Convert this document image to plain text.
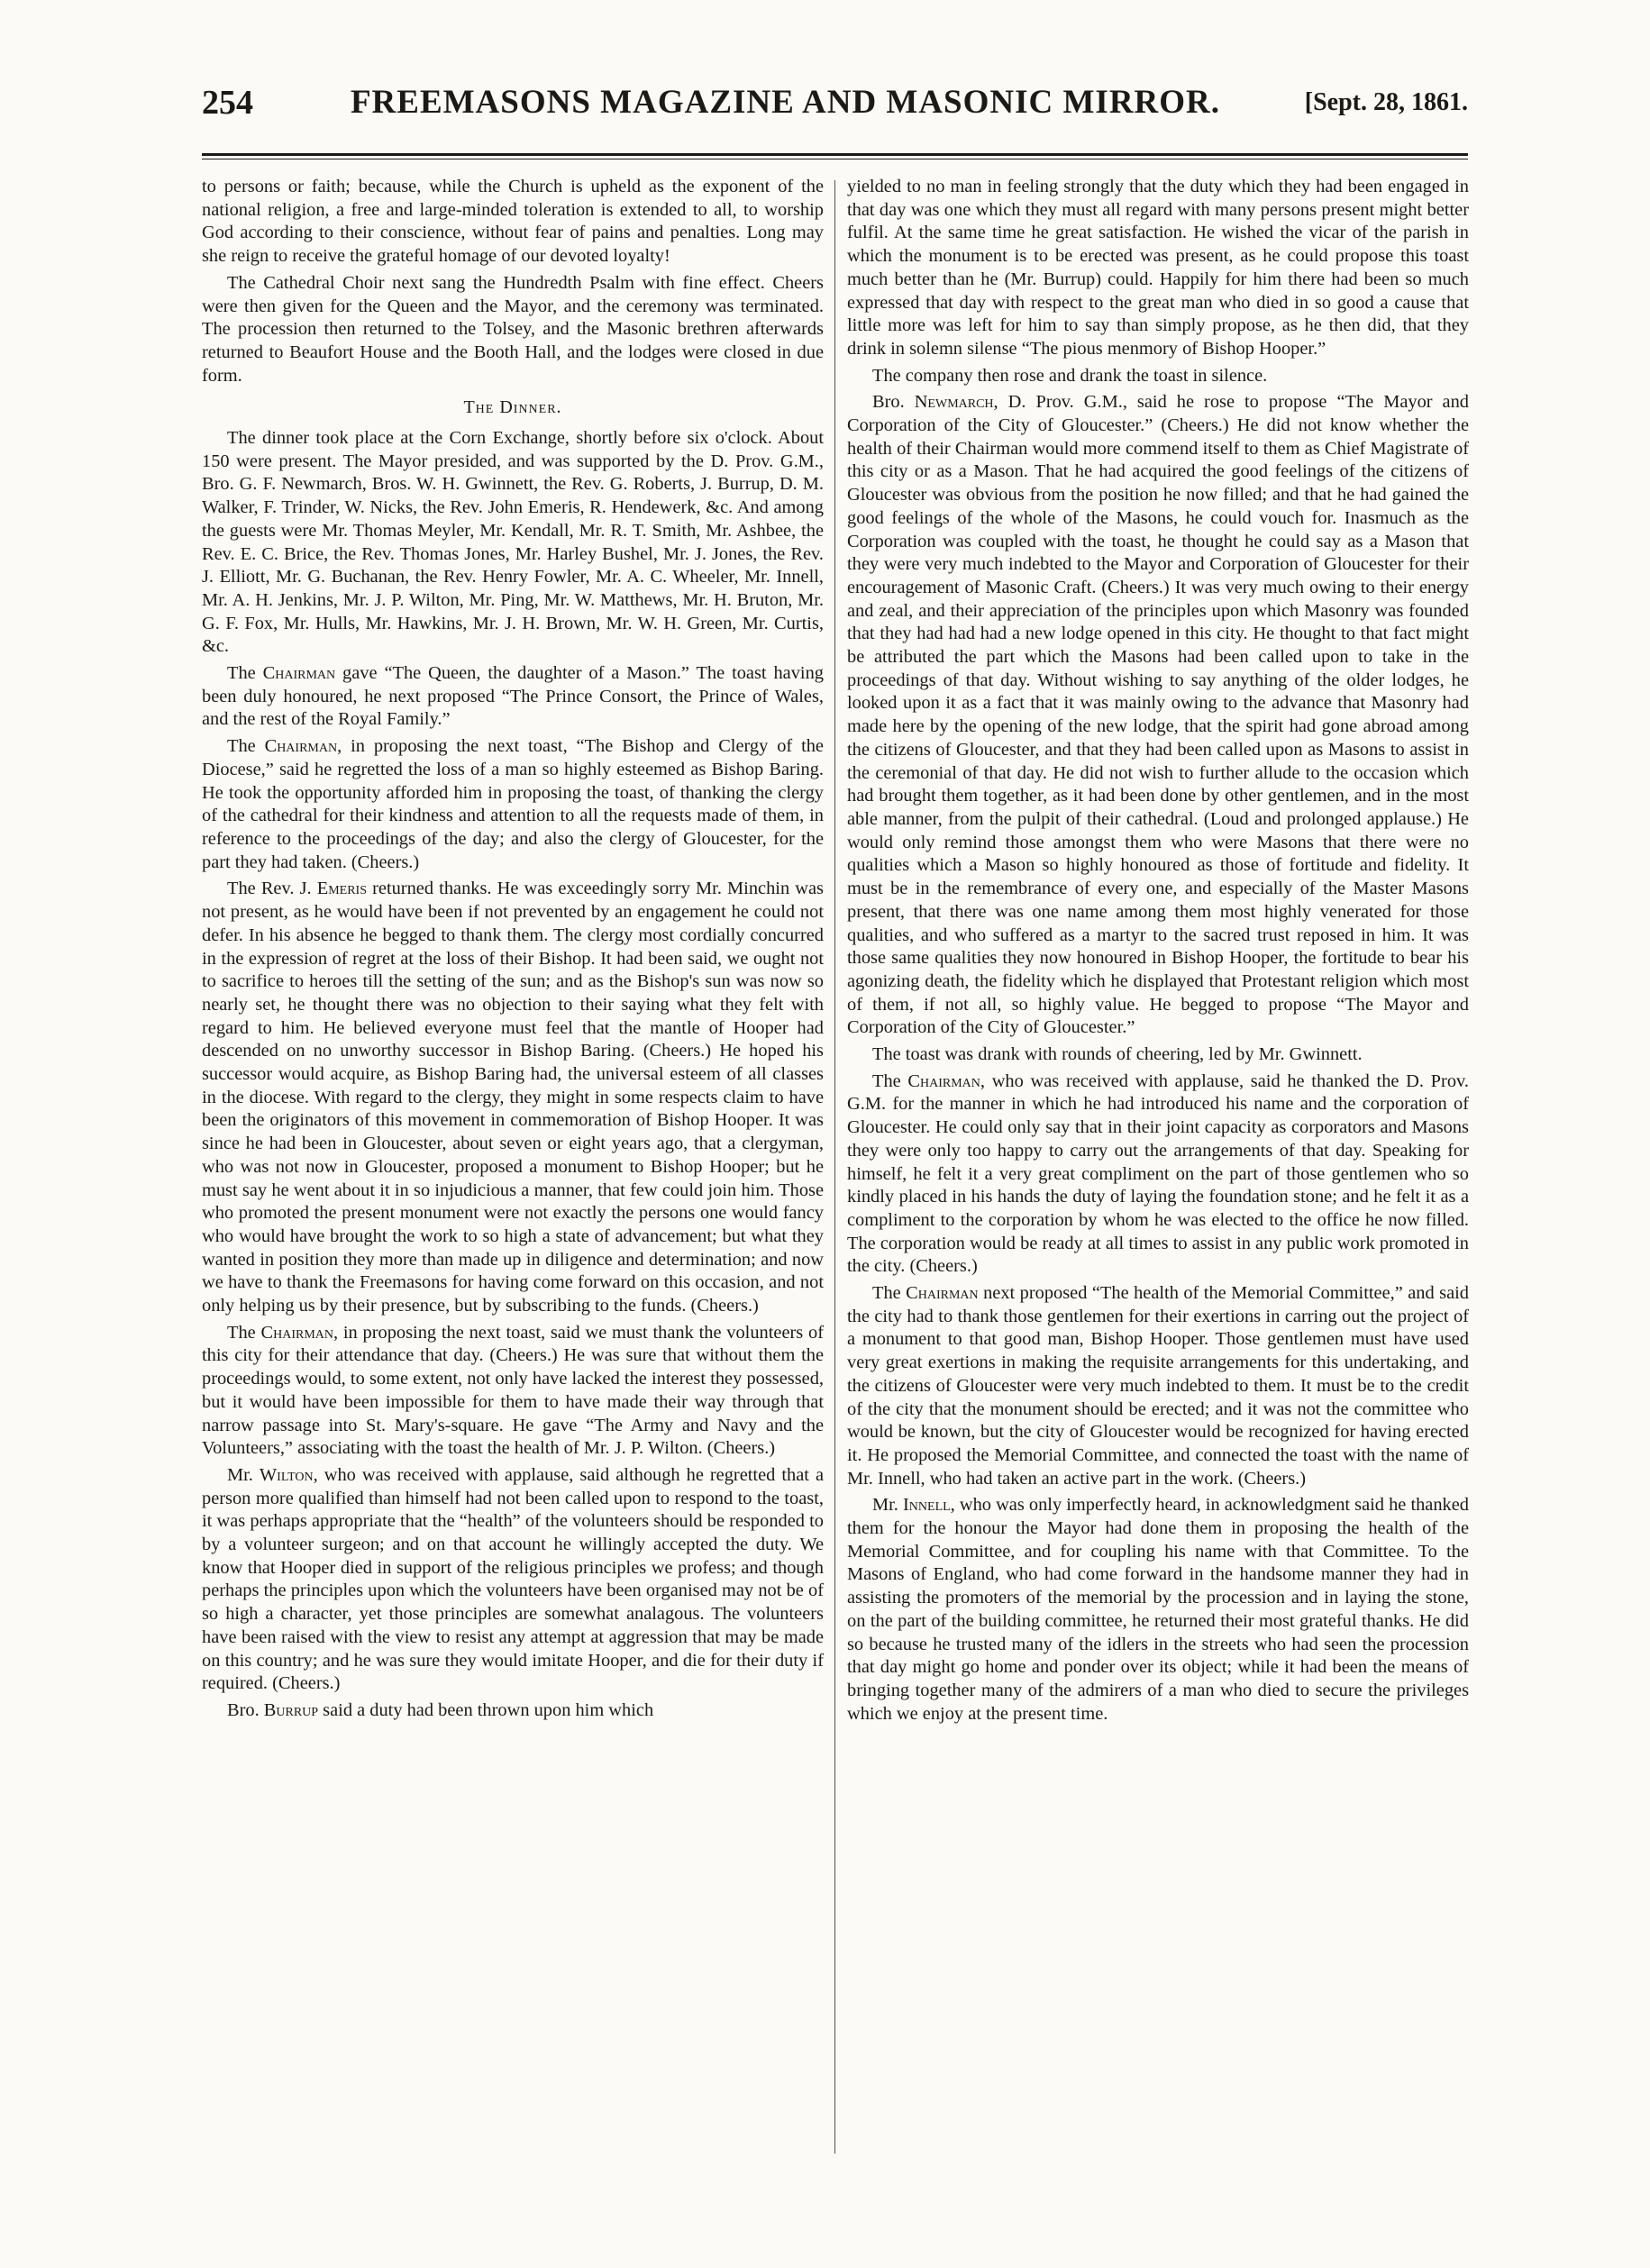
254	FREEMASONS MAGAZINE AND MASONIC MIRROR.	[Sept. 28, 1861.

to persons or faith; because, while the Church is upheld as the exponent of the national religion, a free and large-minded toleration is extended to all, to worship God according to their conscience, without fear of pains and penalties. Long may she reign to receive the grateful homage of our devoted loyalty!

The Cathedral Choir next sang the Hundredth Psalm with fine effect. Cheers were then given for the Queen and the Mayor, and the ceremony was terminated. The procession then returned to the Tolsey, and the Masonic brethren afterwards returned to Beaufort House and the Booth Hall, and the lodges were closed in due form.

The Dinner.

The dinner took place at the Corn Exchange, shortly before six o'clock. About 150 were present. The Mayor presided, and was supported by the D. Prov. G.M., Bro. G. F. Newmarch, Bros. W. H. Gwinnett, the Rev. G. Roberts, J. Burrup, D. M. Walker, F. Trinder, W. Nicks, the Rev. John Emeris, R. Hendewerk, &c. And among the guests were Mr. Thomas Meyler, Mr. Kendall, Mr. R. T. Smith, Mr. Ashbee, the Rev. E. C. Brice, the Rev. Thomas Jones, Mr. Harley Bushel, Mr. J. Jones, the Rev. J. Elliott, Mr. G. Buchanan, the Rev. Henry Fowler, Mr. A. C. Wheeler, Mr. Innell, Mr. A. H. Jenkins, Mr. J. P. Wilton, Mr. Ping, Mr. W. Matthews, Mr. H. Bruton, Mr. G. F. Fox, Mr. Hulls, Mr. Hawkins, Mr. J. H. Brown, Mr. W. H. Green, Mr. Curtis, &c.

The Chairman gave “The Queen, the daughter of a Mason.” The toast having been duly honoured, he next proposed “The Prince Consort, the Prince of Wales, and the rest of the Royal Family.”

The Chairman, in proposing the next toast, “The Bishop and Clergy of the Diocese,” said he regretted the loss of a man so highly esteemed as Bishop Baring. He took the opportunity afforded him in proposing the toast, of thanking the clergy of the cathedral for their kindness and attention to all the requests made of them, in reference to the proceedings of the day; and also the clergy of Gloucester, for the part they had taken. (Cheers.)

The Rev. J. Emeris returned thanks. He was exceedingly sorry Mr. Minchin was not present, as he would have been if not prevented by an engagement he could not defer. In his absence he begged to thank them. The clergy most cordially concurred in the expression of regret at the loss of their Bishop. It had been said, we ought not to sacrifice to heroes till the setting of the sun; and as the Bishop's sun was now so nearly set, he thought there was no objection to their saying what they felt with regard to him. He believed everyone must feel that the mantle of Hooper had descended on no unworthy successor in Bishop Baring. (Cheers.) He hoped his successor would acquire, as Bishop Baring had, the universal esteem of all classes in the diocese. With regard to the clergy, they might in some respects claim to have been the originators of this movement in commemoration of Bishop Hooper. It was since he had been in Gloucester, about seven or eight years ago, that a clergyman, who was not now in Gloucester, proposed a monument to Bishop Hooper; but he must say he went about it in so injudicious a manner, that few could join him. Those who promoted the present monument were not exactly the persons one would fancy who would have brought the work to so high a state of advancement; but what they wanted in position they more than made up in diligence and determination; and now we have to thank the Freemasons for having come forward on this occasion, and not only helping us by their presence, but by subscribing to the funds. (Cheers.)

The Chairman, in proposing the next toast, said we must thank the volunteers of this city for their attendance that day. (Cheers.) He was sure that without them the proceedings would, to some extent, not only have lacked the interest they possessed, but it would have been impossible for them to have made their way through that narrow passage into St. Mary's-square. He gave “The Army and Navy and the Volunteers,” associating with the toast the health of Mr. J. P. Wilton. (Cheers.)

Mr. Wilton, who was received with applause, said although he regretted that a person more qualified than himself had not been called upon to respond to the toast, it was perhaps appropriate that the “health” of the volunteers should be responded to by a volunteer surgeon; and on that account he willingly accepted the duty. We know that Hooper died in support of the religious principles we profess; and though perhaps the principles upon which the volunteers have been organised may not be of so high a character, yet those principles are somewhat analagous. The volunteers have been raised with the view to resist any attempt at aggression that may be made on this country; and he was sure they would imitate Hooper, and die for their duty if required. (Cheers.)

Bro. Burrup said a duty had been thrown upon him which

yielded to no man in feeling strongly that the duty which they had been engaged in that day was one which they must all regard with many persons present might better fulfil. At the same time he great satisfaction. He wished the vicar of the parish in which the monument is to be erected was present, as he could propose this toast much better than he (Mr. Burrup) could. Happily for him there had been so much expressed that day with respect to the great man who died in so good a cause that little more was left for him to say than simply propose, as he then did, that they drink in solemn silense “The pious menmory of Bishop Hooper.”

The company then rose and drank the toast in silence.

Bro. Newmarch, D. Prov. G.M., said he rose to propose “The Mayor and Corporation of the City of Gloucester.” (Cheers.) He did not know whether the health of their Chairman would more commend itself to them as Chief Magistrate of this city or as a Mason. That he had acquired the good feelings of the citizens of Gloucester was obvious from the position he now filled; and that he had gained the good feelings of the whole of the Masons, he could vouch for. Inasmuch as the Corporation was coupled with the toast, he thought he could say as a Mason that they were very much indebted to the Mayor and Corporation of Gloucester for their encouragement of Masonic Craft. (Cheers.) It was very much owing to their energy and zeal, and their appreciation of the principles upon which Masonry was founded that they had had had a new lodge opened in this city. He thought to that fact might be attributed the part which the Masons had been called upon to take in the proceedings of that day. Without wishing to say anything of the older lodges, he looked upon it as a fact that it was mainly owing to the advance that Masonry had made here by the opening of the new lodge, that the spirit had gone abroad among the citizens of Gloucester, and that they had been called upon as Masons to assist in the ceremonial of that day. He did not wish to further allude to the occasion which had brought them together, as it had been done by other gentlemen, and in the most able manner, from the pulpit of their cathedral. (Loud and prolonged applause.) He would only remind those amongst them who were Masons that there were no qualities which a Mason so highly honoured as those of fortitude and fidelity. It must be in the remembrance of every one, and especially of the Master Masons present, that there was one name among them most highly venerated for those qualities, and who suffered as a martyr to the sacred trust reposed in him. It was those same qualities they now honoured in Bishop Hooper, the fortitude to bear his agonizing death, the fidelity which he displayed that Protestant religion which most of them, if not all, so highly value. He begged to propose “The Mayor and Corporation of the City of Gloucester.”

The toast was drank with rounds of cheering, led by Mr. Gwinnett.

The Chairman, who was received with applause, said he thanked the D. Prov. G.M. for the manner in which he had introduced his name and the corporation of Gloucester. He could only say that in their joint capacity as corporators and Masons they were only too happy to carry out the arrangements of that day. Speaking for himself, he felt it a very great compliment on the part of those gentlemen who so kindly placed in his hands the duty of laying the foundation stone; and he felt it as a compliment to the corporation by whom he was elected to the office he now filled. The corporation would be ready at all times to assist in any public work promoted in the city. (Cheers.)

The Chairman next proposed “The health of the Memorial Committee,” and said the city had to thank those gentlemen for their exertions in carring out the project of a monument to that good man, Bishop Hooper. Those gentlemen must have used very great exertions in making the requisite arrangements for this undertaking, and the citizens of Gloucester were very much indebted to them. It must be to the credit of the city that the monument should be erected; and it was not the committee who would be known, but the city of Gloucester would be recognized for having erected it. He proposed the Memorial Committee, and connected the toast with the name of Mr. Innell, who had taken an active part in the work. (Cheers.)

Mr. Innell, who was only imperfectly heard, in acknowledgment said he thanked them for the honour the Mayor had done them in proposing the health of the Memorial Committee, and for coupling his name with that Committee. To the Masons of England, who had come forward in the handsome manner they had in assisting the promoters of the memorial by the procession and in laying the stone, on the part of the building committee, he returned their most grateful thanks. He did so because he trusted many of the idlers in the streets who had seen the procession that day might go home and ponder over its object; while it had been the means of bringing together many of the admirers of a man who died to secure the privileges which we enjoy at the present time.
